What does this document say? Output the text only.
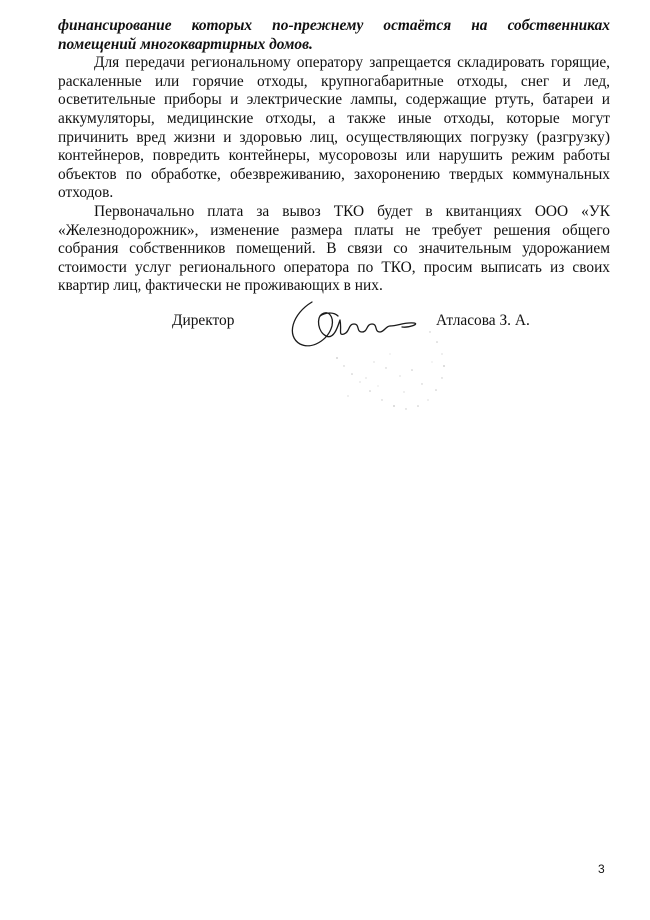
финансирование которых по-прежнему остаётся на собственниках помещений многоквартирных домов.

Для передачи региональному оператору запрещается складировать горящие, раскаленные или горячие отходы, крупногабаритные отходы, снег и лед, осветительные приборы и электрические лампы, содержащие ртуть, батареи и аккумуляторы, медицинские отходы, а также иные отходы, которые могут причинить вред жизни и здоровью лиц, осуществляющих погрузку (разгрузку) контейнеров, повредить контейнеры, мусоровозы или нарушить режим работы объектов по обработке, обезвреживанию, захоронению твердых коммунальных отходов.

Первоначально плата за вывоз ТКО будет в квитанциях ООО «УК «Железнодорожник», изменение размера платы не требует решения общего собрания собственников помещений. В связи со значительным удорожанием стоимости услуг регионального оператора по ТКО, просим выписать из своих квартир лиц, фактически не проживающих в них.

Директор	Атласова З. А.
3
